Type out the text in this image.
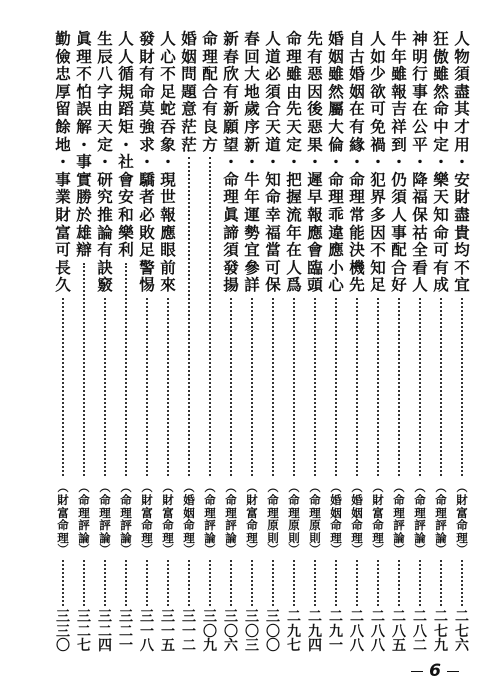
人
物
須
盡
其
才
用
・
安
財
盡
貴
均
不
宜
︵
財
富
命
理
︶
二
七
六
狂
傲
雖
然
命
中
定
・
樂
天
知
命
可
有
成
︵
命
理
評
論
︶
二
七
九
神
明
行
事
在
公
平
・
降
福
保
祜
全
看
人
︵
命
理
評
論
︶
二
八
二
牛
年
雖
報
吉
祥
到
・
仍
須
人
事
配
合
好
︵
命
理
評
論
︶
二
八
五
人
如
少
欲
可
免
禍
・
犯
界
多
因
不
知
足
︵
財
富
命
理
︶
二
八
八
自
古
婚
姻
在
有
緣
・
命
理
常
能
決
機
先
︵
婚
姻
命
理
︶
二
八
八
婚
姻
雖
然
屬
大
倫
・
命
理
乖
違
應
小
心
︵
婚
姻
命
理
︶
二
九
一
先
有
惡
因
後
惡
果
・
遲
早
報
應
會
臨
頭
︵
命
理
原
則
︶
二
九
四
命
理
雖
由
先
天
定
・
把
握
流
年
在
人
爲
︵
命
理
原
則
︶
二
九
七
人
道
必
須
合
天
道
・
知
命
幸
福
當
可
保
︵
命
理
原
則
︶
三
〇
〇
春
回
大
地
歲
序
新
・
牛
年
運
勢
宜
參
詳
︵
財
富
命
理
︶
三
〇
三
新
春
欣
有
新
願
望
・
命
理
眞
諦
須
發
揚
︵
命
理
評
論
︶
三
〇
六
命
理
配
合
有
良
方
︵
命
理
評
論
︶
三
〇
九
婚
姻
問
題
意
茫
茫
︵
婚
姻
命
理
︶
三
一
二
人
心
不
足
蛇
吞
象
・
現
世
報
應
眼
前
來
︵
財
富
命
理
︶
三
一
五
發
財
有
命
莫
強
求
・
驕
者
必
敗
足
警
惕
︵
財
富
命
理
︶
三
一
八
人
人
循
規
蹈
矩
・
社
會
安
和
樂
利
︵
命
理
評
論
︶
三
二
一
生
辰
八
字
由
天
定
・
研
究
推
論
有
訣
竅
︵
命
理
評
論
︶
三
二
四
眞
理
不
怕
誤
解
・
事
實
勝
於
雄
辯
︵
命
理
評
論
︶
三
二
七
勤
儉
忠
厚
留
餘
地
・
事
業
財
富
可
長
久
︵
財
富
命
理
︶
三
三
〇
6
